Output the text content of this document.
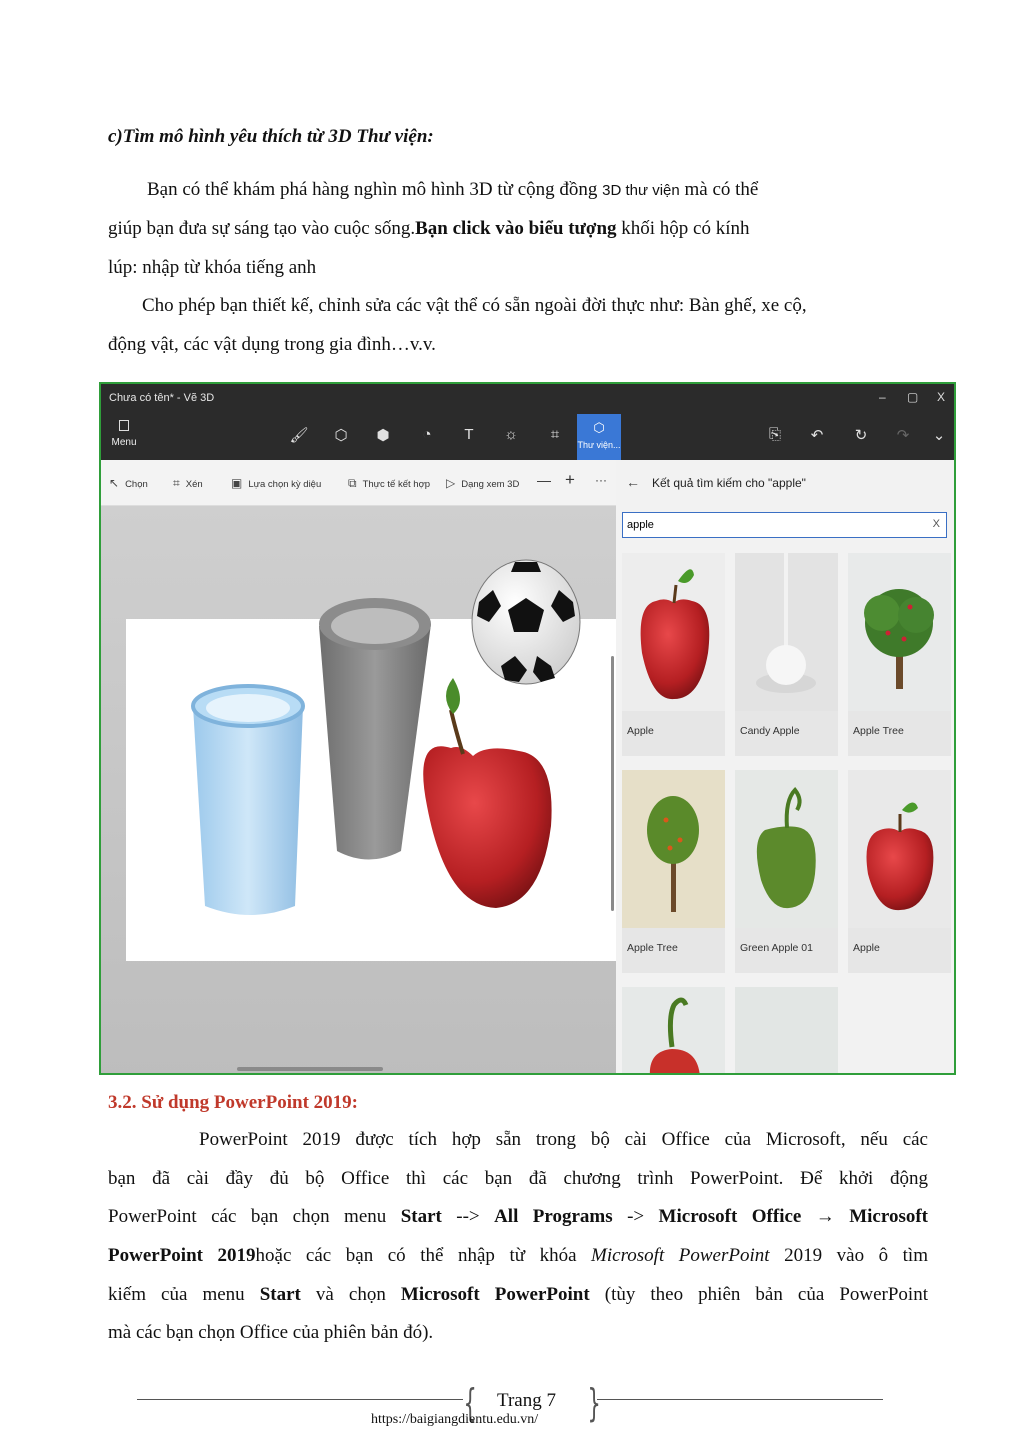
c)Tìm mô hình yêu thích từ 3D Thư viện:
Bạn có thể khám phá hàng nghìn mô hình 3D từ cộng đồng 3D thư viện mà có thể
giúp bạn đưa sự sáng tạo vào cuộc sống.Bạn click vào biểu tượng khối hộp có kính
lúp: nhập từ khóa tiếng anh
Cho phép bạn thiết kế, chỉnh sửa các vật thể có sẵn ngoài đời thực như: Bàn ghế, xe cộ,
động vật, các vật dụng trong gia đình…v.v.
Chưa có tên* - Vẽ 3D	– ▢ X
Menu	🖌︎ ⬡ ⬢	◔	T	☼	⌗	⬡
Thư viện...
⎘ ↶ ↻ ↷ ⌄
↖ Chọn ⌗ Xén ▣ Lựa chọn kỳ diệu ⧉ Thực tế kết hợp ▷ Dạng xem 3D — + ··· ← Kết quả tìm kiếm cho "apple"
apple
X
Apple	Candy Apple	Apple Tree
Apple Tree	Green Apple 01	Apple
3.2. Sử dụng PowerPoint 2019:
PowerPoint 2019 được tích hợp sẵn trong bộ cài Office của Microsoft, nếu các
bạn đã cài đầy đủ bộ Office thì các bạn đã chương trình PowerPoint. Để khởi động
PowerPoint các bạn chọn menu Start --> All Programs -> Microsoft Office → Microsoft
PowerPoint 2019hoặc các bạn có thể nhập từ khóa Microsoft PowerPoint 2019 vào ô tìm
kiếm của menu Start và chọn Microsoft PowerPoint (tùy theo phiên bản của PowerPoint
mà các bạn chọn Office của phiên bản đó).
{	}
Trang 7
https://baigiangdientu.edu.vn/
